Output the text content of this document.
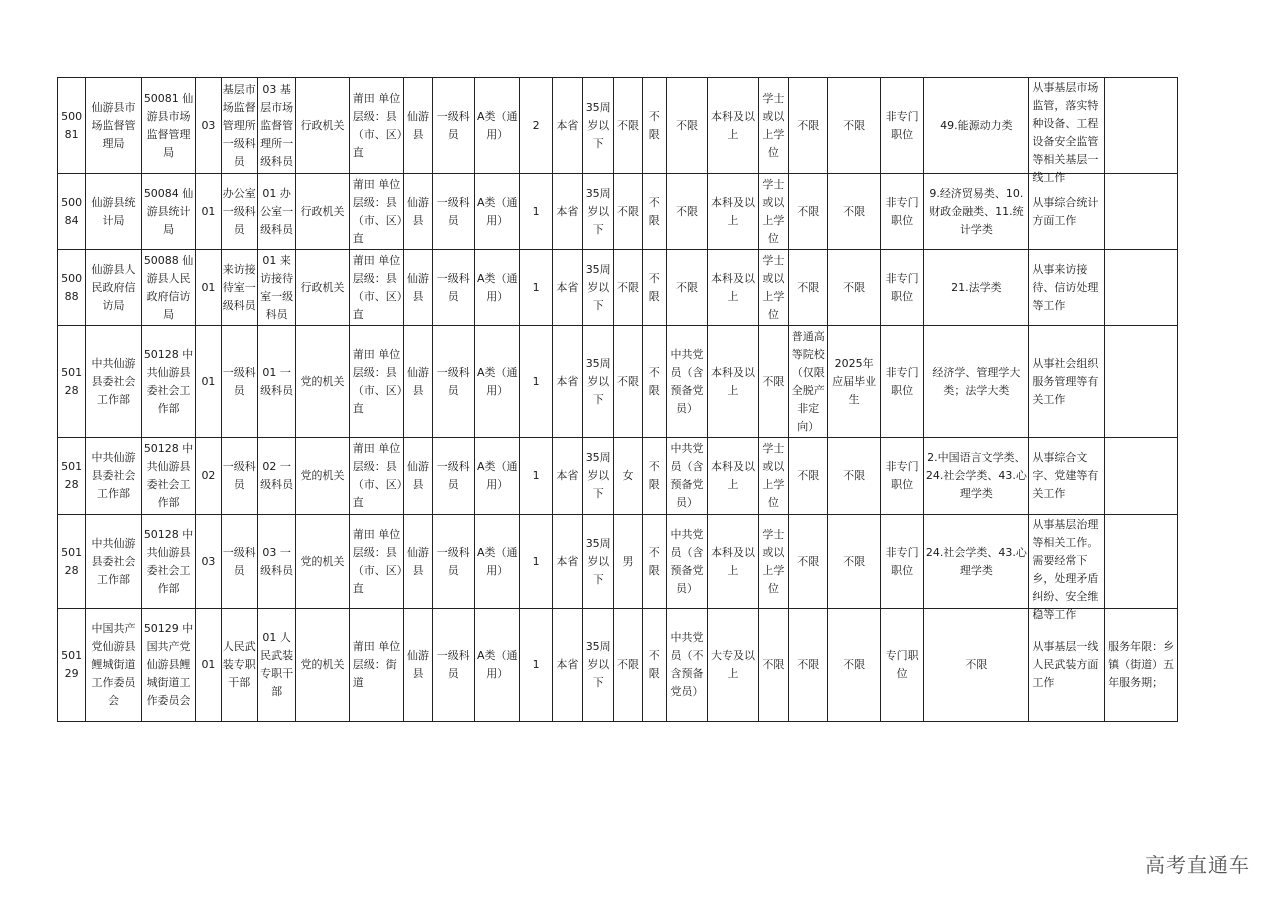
50081	仙游县市场监督管理局	50081 仙游县市场监督管理局	03	基层市场监督管理所一级科员	03 基层市场监督管理所一级科员	行政机关	莆田 单位层级：县（市、区）直	仙游县	一级科员	A类（通用）	2	本省	35周岁以下	不限	不限	不限	本科及以上	学士或以上学位	不限	不限	非专门职位	49.能源动力类	从事基层市场监管，落实特种设备、工程设备安全监管等相关基层一线工作	

50084	仙游县统计局	50084 仙游县统计局	01	办公室一级科员	01 办公室一级科员	行政机关	莆田 单位层级：县（市、区）直	仙游县	一级科员	A类（通用）	1	本省	35周岁以下	不限	不限	不限	本科及以上	学士或以上学位	不限	不限	非专门职位	9.经济贸易类、10.财政金融类、11.统计学类	从事综合统计方面工作	

50088	仙游县人民政府信访局	50088 仙游县人民政府信访局	01	来访接待室一级科员	01 来访接待室一级科员	行政机关	莆田 单位层级：县（市、区）直	仙游县	一级科员	A类（通用）	1	本省	35周岁以下	不限	不限	不限	本科及以上	学士或以上学位	不限	不限	非专门职位	21.法学类	从事来访接待、信访处理等工作	

50128	中共仙游县委社会工作部	50128 中共仙游县委社会工作部	01	一级科员	01 一级科员	党的机关	莆田 单位层级：县（市、区）直	仙游县	一级科员	A类（通用）	1	本省	35周岁以下	不限	不限	中共党员（含预备党员）	本科及以上	不限	普通高等院校（仅限全脱产非定向）	2025年应届毕业生	非专门职位	经济学、管理学大类；法学大类	从事社会组织服务管理等有关工作	

50128	中共仙游县委社会工作部	50128 中共仙游县委社会工作部	02	一级科员	02 一级科员	党的机关	莆田 单位层级：县（市、区）直	仙游县	一级科员	A类（通用）	1	本省	35周岁以下	女	不限	中共党员（含预备党员）	本科及以上	学士或以上学位	不限	不限	非专门职位	2.中国语言文学类、24.社会学类、43.心理学类	从事综合文字、党建等有关工作	

50128	中共仙游县委社会工作部	50128 中共仙游县委社会工作部	03	一级科员	03 一级科员	党的机关	莆田 单位层级：县（市、区）直	仙游县	一级科员	A类（通用）	1	本省	35周岁以下	男	不限	中共党员（含预备党员）	本科及以上	学士或以上学位	不限	不限	非专门职位	24.社会学类、43.心理学类	从事基层治理等相关工作。需要经常下乡，处理矛盾纠纷、安全维稳等工作	

50129	中国共产党仙游县鲤城街道工作委员会	50129 中国共产党仙游县鲤城街道工作委员会	01	人民武装专职干部	01 人民武装专职干部	党的机关	莆田 单位层级：街道	仙游县	一级科员	A类（通用）	1	本省	35周岁以下	不限	不限	中共党员（不含预备党员）	大专及以上	不限	不限	不限	专门职位	不限	从事基层一线人民武装方面工作	服务年限：乡镇（街道）五年服务期；
高考直通车
